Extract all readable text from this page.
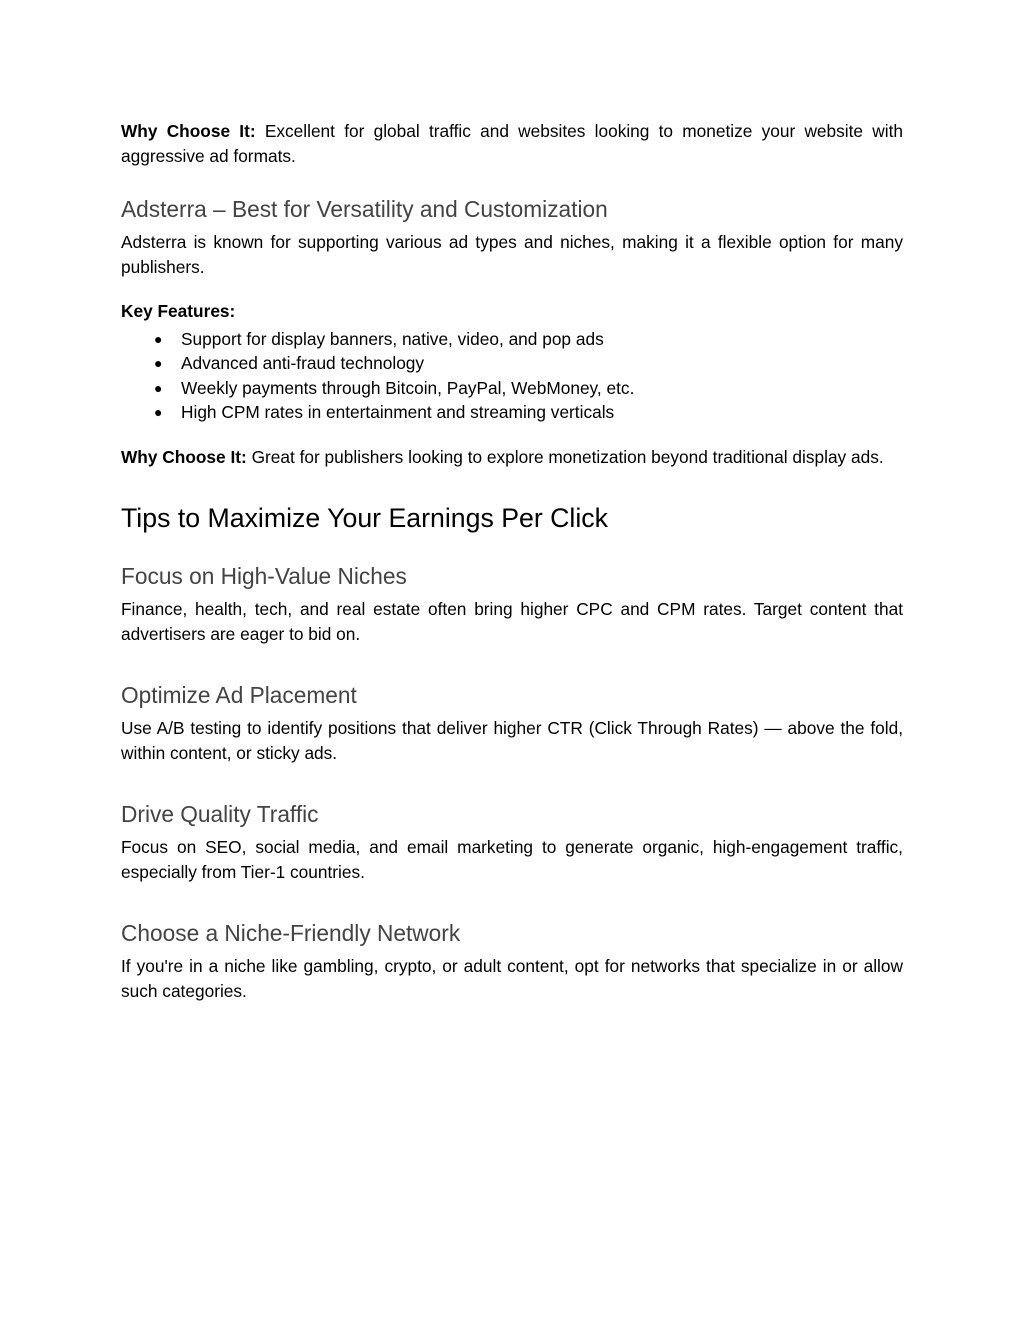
Why Choose It: Excellent for global traffic and websites looking to monetize your website with aggressive ad formats.

Adsterra – Best for Versatility and Customization

Adsterra is known for supporting various ad types and niches, making it a flexible option for many publishers.

Key Features:

● Support for display banners, native, video, and pop ads
● Advanced anti-fraud technology
● Weekly payments through Bitcoin, PayPal, WebMoney, etc.
● High CPM rates in entertainment and streaming verticals

Why Choose It: Great for publishers looking to explore monetization beyond traditional display ads.

Tips to Maximize Your Earnings Per Click
Focus on High-Value Niches

Finance, health, tech, and real estate often bring higher CPC and CPM rates. Target content that advertisers are eager to bid on.

Optimize Ad Placement

Use A/B testing to identify positions that deliver higher CTR (Click Through Rates) — above the fold, within content, or sticky ads.

Drive Quality Traffic

Focus on SEO, social media, and email marketing to generate organic, high-engagement traffic, especially from Tier-1 countries.

Choose a Niche-Friendly Network

If you're in a niche like gambling, crypto, or adult content, opt for networks that specialize in or allow such categories.
